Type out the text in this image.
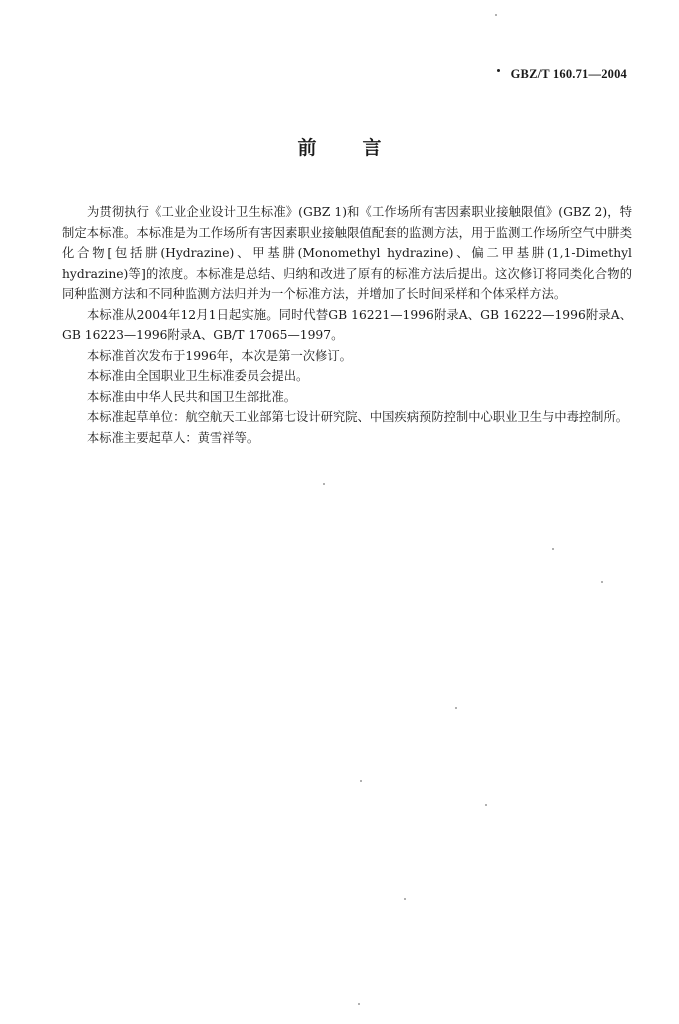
GBZ/T 160.71—2004
前言

为贯彻执行《工业企业设计卫生标准》(GBZ 1)和《工作场所有害因素职业接触限值》(GBZ 2)，特制定本标准。本标准是为工作场所有害因素职业接触限值配套的监测方法，用于监测工作场所空气中肼类化合物[包括肼(Hydrazine)、甲基肼(Monomethyl hydrazine)、偏二甲基肼(1,1-Dimethyl hydrazine)等]的浓度。本标准是总结、归纳和改进了原有的标准方法后提出。这次修订将同类化合物的同种监测方法和不同种监测方法归并为一个标准方法，并增加了长时间采样和个体采样方法。

本标准从2004年12月1日起实施。同时代替GB 16221—1996附录A、GB 16222—1996附录A、GB 16223—1996附录A、GB/T 17065—1997。

本标准首次发布于1996年，本次是第一次修订。

本标准由全国职业卫生标准委员会提出。

本标准由中华人民共和国卫生部批准。

本标准起草单位：航空航天工业部第七设计研究院、中国疾病预防控制中心职业卫生与中毒控制所。

本标准主要起草人：黄雪祥等。
